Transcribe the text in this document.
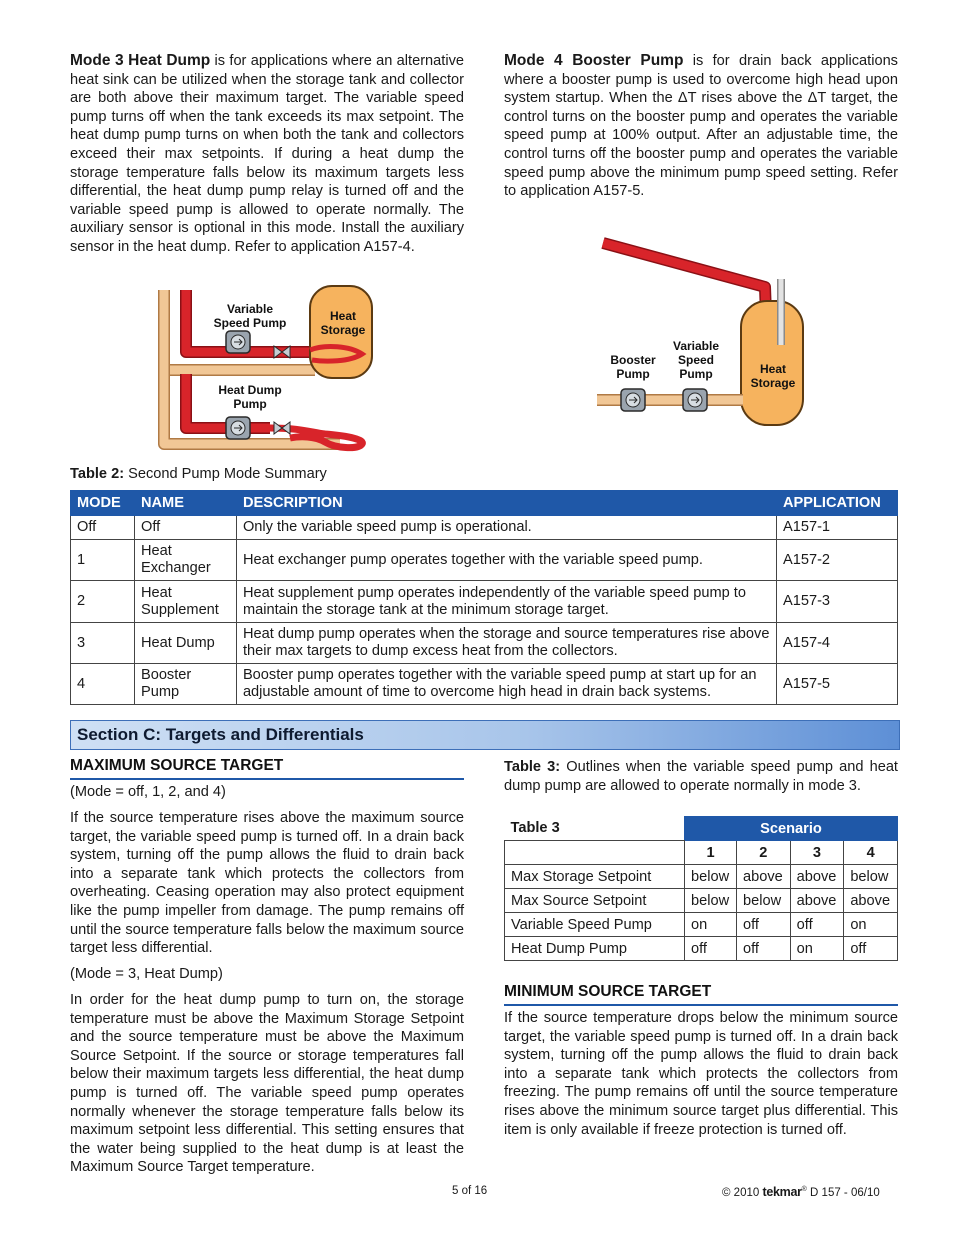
Mode 3 Heat Dump is for applications where an alternative heat sink can be utilized when the storage tank and collector are both above their maximum target. The variable speed pump turns off when the tank exceeds its max setpoint. The heat dump pump turns on when both the tank and collectors exceed their max setpoints. If during a heat dump the storage temperature falls below its maximum targets less differential, the heat dump pump relay is turned off and the variable speed pump is allowed to operate normally. The auxiliary sensor is optional in this mode. Install the auxiliary sensor in the heat dump. Refer to application A157-4.

Mode 4 Booster Pump is for drain back applications where a booster pump is used to overcome high head upon system startup. When the ΔT rises above the ΔT target, the control turns on the booster pump and operates the variable speed pump at 100% output. After an adjustable time, the control turns off the booster pump and operates the variable speed pump above the minimum pump speed setting. Refer to application A157-5.

Variable
Speed Pump
Heat Dump
Pump
Heat
Storage
Booster
Pump
Variable
Speed
Pump	Heat
Storage
Table 2: Second Pump Mode Summary
MODE	NAME	DESCRIPTION	APPLICATION
Off	Off	Only the variable speed pump is operational.	A157-1
1	Heat Exchanger	Heat exchanger pump operates together with the variable speed pump.	A157-2
2	Heat Supplement	Heat supplement pump operates independently of the variable speed pump to maintain the storage tank at the minimum storage target.	A157-3
3	Heat Dump	Heat dump pump operates when the storage and source temperatures rise above their max targets to dump excess heat from the collectors.	A157-4
4	Booster Pump	Booster pump operates together with the variable speed pump at start up for an adjustable amount of time to overcome high head in drain back systems.	A157-5
Section C: Targets and Differentials
MAXIMUM SOURCE TARGET
(Mode = off, 1, 2, and 4)

If the source temperature rises above the maximum source target, the variable speed pump is turned off. In a drain back system, turning off the pump allows the fluid to drain back into a separate tank which protects the collectors from overheating. Ceasing operation may also protect equipment like the pump impeller from damage. The pump remains off until the source temperature falls below the maximum source target less differential.

(Mode = 3, Heat Dump)

In order for the heat dump pump to turn on, the storage temperature must be above the Maximum Storage Setpoint and the source temperature must be above the Maximum Source Setpoint. If the source or storage temperatures fall below their maximum targets less differential, the heat dump pump is turned off. The variable speed pump operates normally whenever the storage temperature falls below its maximum setpoint less differential. This setting ensures that the water being supplied to the heat dump is at least the Maximum Source Target temperature.

Table 3: Outlines when the variable speed pump and heat dump pump are allowed to operate normally in mode 3.

Table 3	Scenario			
	1	2	3	4
Max Storage Setpoint	below	above	above	below
Max Source Setpoint	below	below	above	above
Variable Speed Pump	on	off	off	on
Heat Dump Pump	off	off	on	off
MINIMUM SOURCE TARGET

If the source temperature drops below the minimum source target, the variable speed pump is turned off. In a drain back system, turning off the pump allows the fluid to drain back into a separate tank which protects the collectors from freezing. The pump remains off until the source temperature rises above the minimum source target plus differential. This item is only available if freeze protection is turned off.

5 of 16	© 2010 tekmar® D 157 - 06/10
